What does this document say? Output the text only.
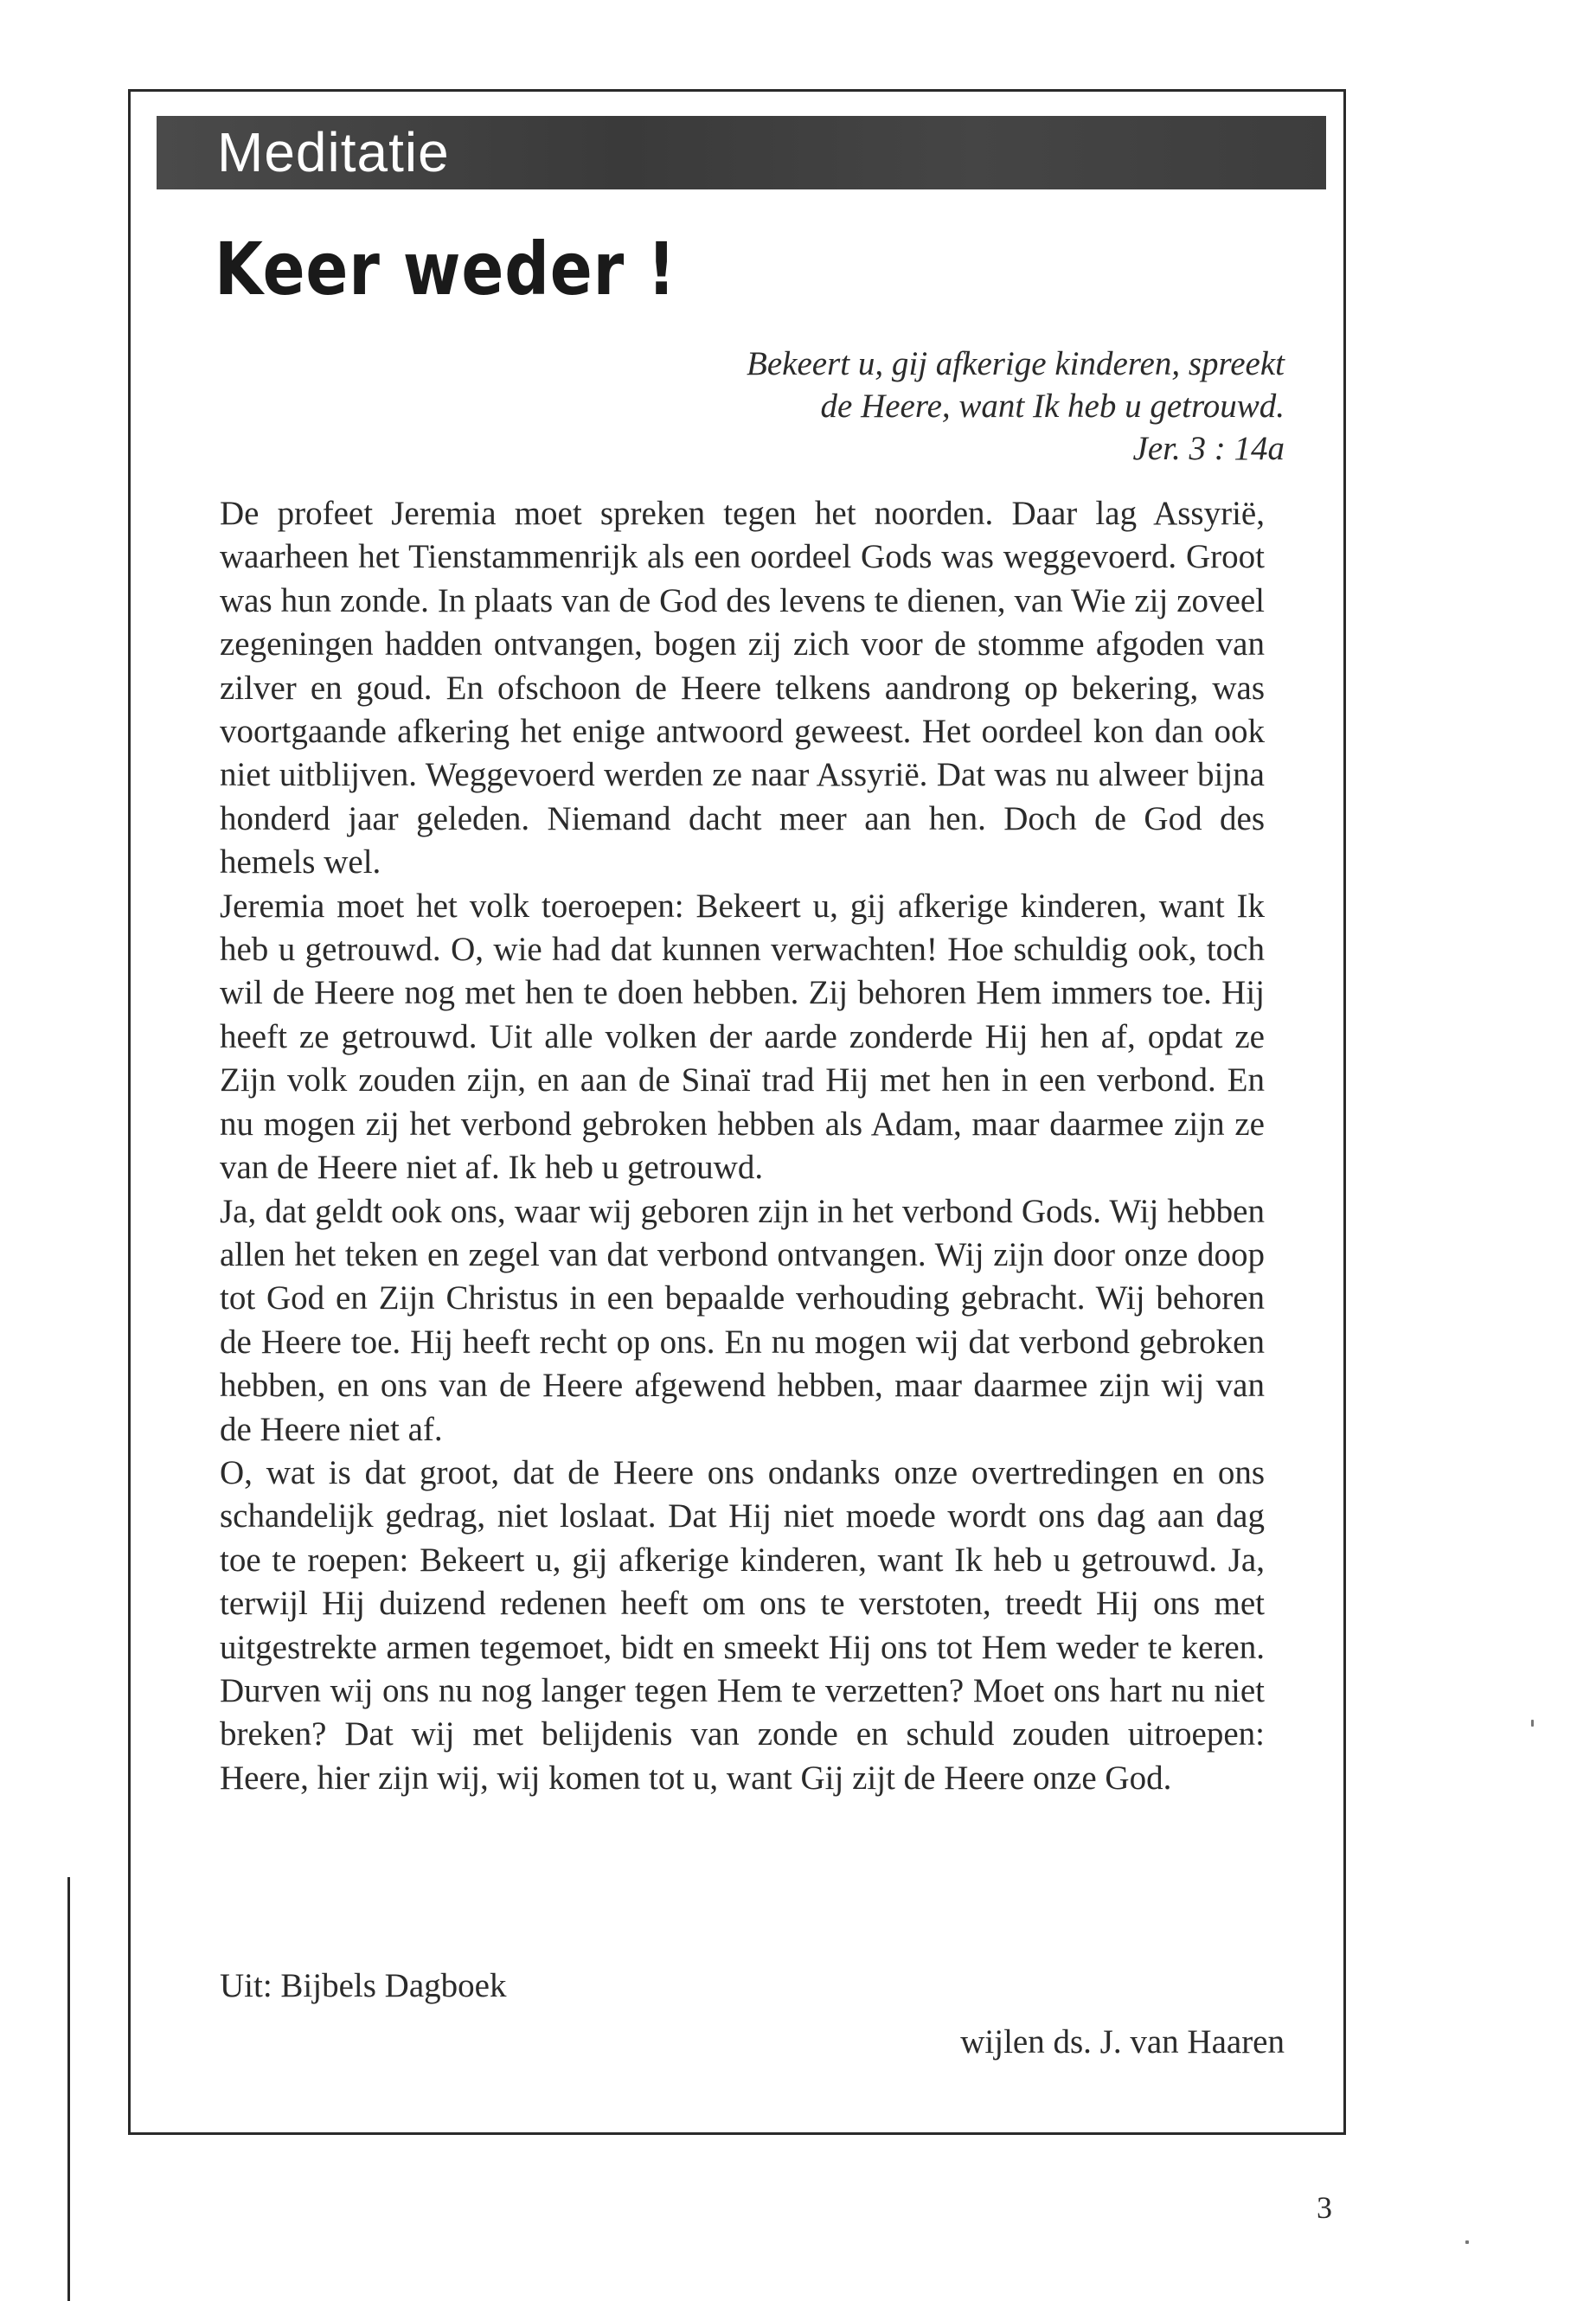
Meditatie
Keer weder !
Bekeert u, gij afkerige kinderen, spreekt
de Heere, want Ik heb u getrouwd.
Jer. 3 : 14a

De profeet Jeremia moet spreken tegen het noorden. Daar lag Assyrië, waarheen het Tienstammenrijk als een oordeel Gods was weggevoerd. Groot was hun zonde. In plaats van de God des levens te dienen, van Wie zij zoveel zegeningen hadden ontvangen, bogen zij zich voor de stomme afgoden van zilver en goud. En ofschoon de Heere telkens aandrong op bekering, was voortgaande afkering het enige antwoord geweest. Het oordeel kon dan ook niet uitblijven. Weggevoerd werden ze naar Assyrië. Dat was nu alweer bijna honderd jaar geleden. Niemand dacht meer aan hen. Doch de God des hemels wel.

Jeremia moet het volk toeroepen: Bekeert u, gij afkerige kinderen, want Ik heb u getrouwd. O, wie had dat kunnen verwachten! Hoe schuldig ook, toch wil de Heere nog met hen te doen hebben. Zij behoren Hem immers toe. Hij heeft ze getrouwd. Uit alle volken der aarde zonderde Hij hen af, opdat ze Zijn volk zouden zijn, en aan de Sinaï trad Hij met hen in een verbond. En nu mogen zij het verbond gebroken hebben als Adam, maar daarmee zijn ze van de Heere niet af. Ik heb u getrouwd.

Ja, dat geldt ook ons, waar wij geboren zijn in het verbond Gods. Wij hebben allen het teken en zegel van dat verbond ontvangen. Wij zijn door onze doop tot God en Zijn Christus in een bepaalde verhouding gebracht. Wij behoren de Heere toe. Hij heeft recht op ons. En nu mogen wij dat verbond gebroken hebben, en ons van de Heere afgewend hebben, maar daarmee zijn wij van de Heere niet af.

O, wat is dat groot, dat de Heere ons ondanks onze overtredingen en ons schandelijk gedrag, niet loslaat. Dat Hij niet moede wordt ons dag aan dag toe te roepen: Bekeert u, gij afkerige kinderen, want Ik heb u getrouwd. Ja, terwijl Hij duizend redenen heeft om ons te verstoten, treedt Hij ons met uitgestrekte armen tegemoet, bidt en smeekt Hij ons tot Hem weder te keren. Durven wij ons nu nog langer tegen Hem te verzetten? Moet ons hart nu niet breken? Dat wij met belijdenis van zonde en schuld zouden uitroepen: Heere, hier zijn wij, wij komen tot u, want Gij zijt de Heere onze God.

Uit: Bijbels Dagboek
wijlen ds. J. van Haaren
3
